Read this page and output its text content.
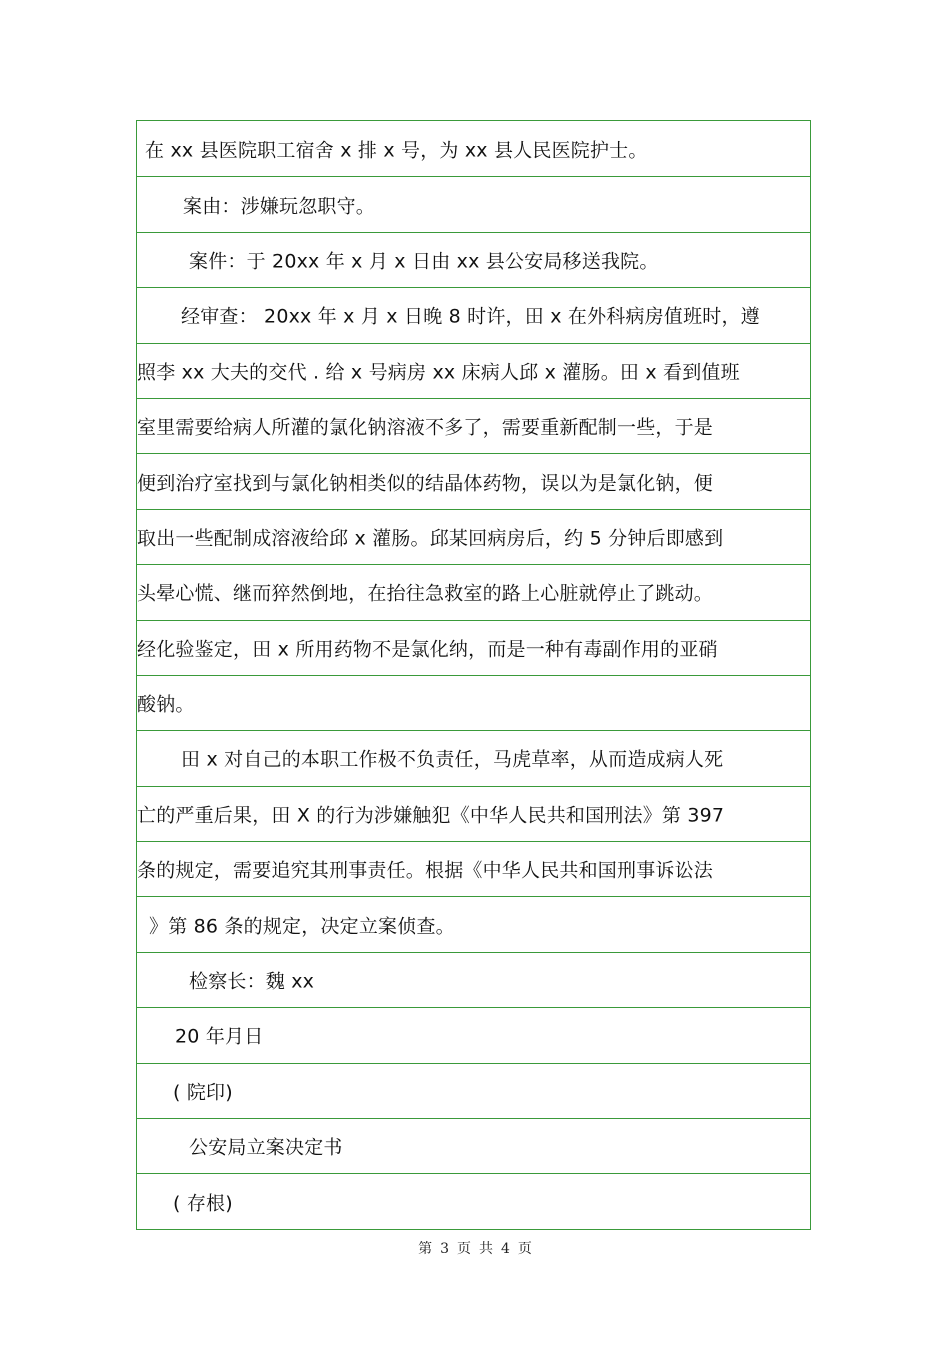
在 xx 县医院职工宿舍 x 排 x 号，为 xx 县人民医院护士。
案由：涉嫌玩忽职守。
案件：于 20xx 年 x 月 x 日由 xx 县公安局移送我院。
经审查： 20xx 年 x 月 x 日晚 8 时许，田 x 在外科病房值班时，遵
照李 xx 大夫的交代 . 给 x 号病房 xx 床病人邱 x 灌肠。田 x 看到值班
室里需要给病人所灌的氯化钠溶液不多了，需要重新配制一些，于是
便到治疗室找到与氯化钠相类似的结晶体药物，误以为是氯化钠，便
取出一些配制成溶液给邱 x 灌肠。邱某回病房后，约 5 分钟后即感到
头晕心慌、继而猝然倒地，在抬往急救室的路上心脏就停止了跳动。
经化验鉴定，田 x 所用药物不是氯化纳，而是一种有毒副作用的亚硝
酸钠。
田 x 对自己的本职工作极不负责任，马虎草率，从而造成病人死
亡的严重后果，田 X 的行为涉嫌触犯《中华人民共和国刑法》第 397
条的规定，需要追究其刑事责任。根据《中华人民共和国刑事诉讼法
》第 86 条的规定，决定立案侦查。
检察长：魏 xx
20 年月日
( 院印)
公安局立案决定书
( 存根)
第 3 页 共 4 页
